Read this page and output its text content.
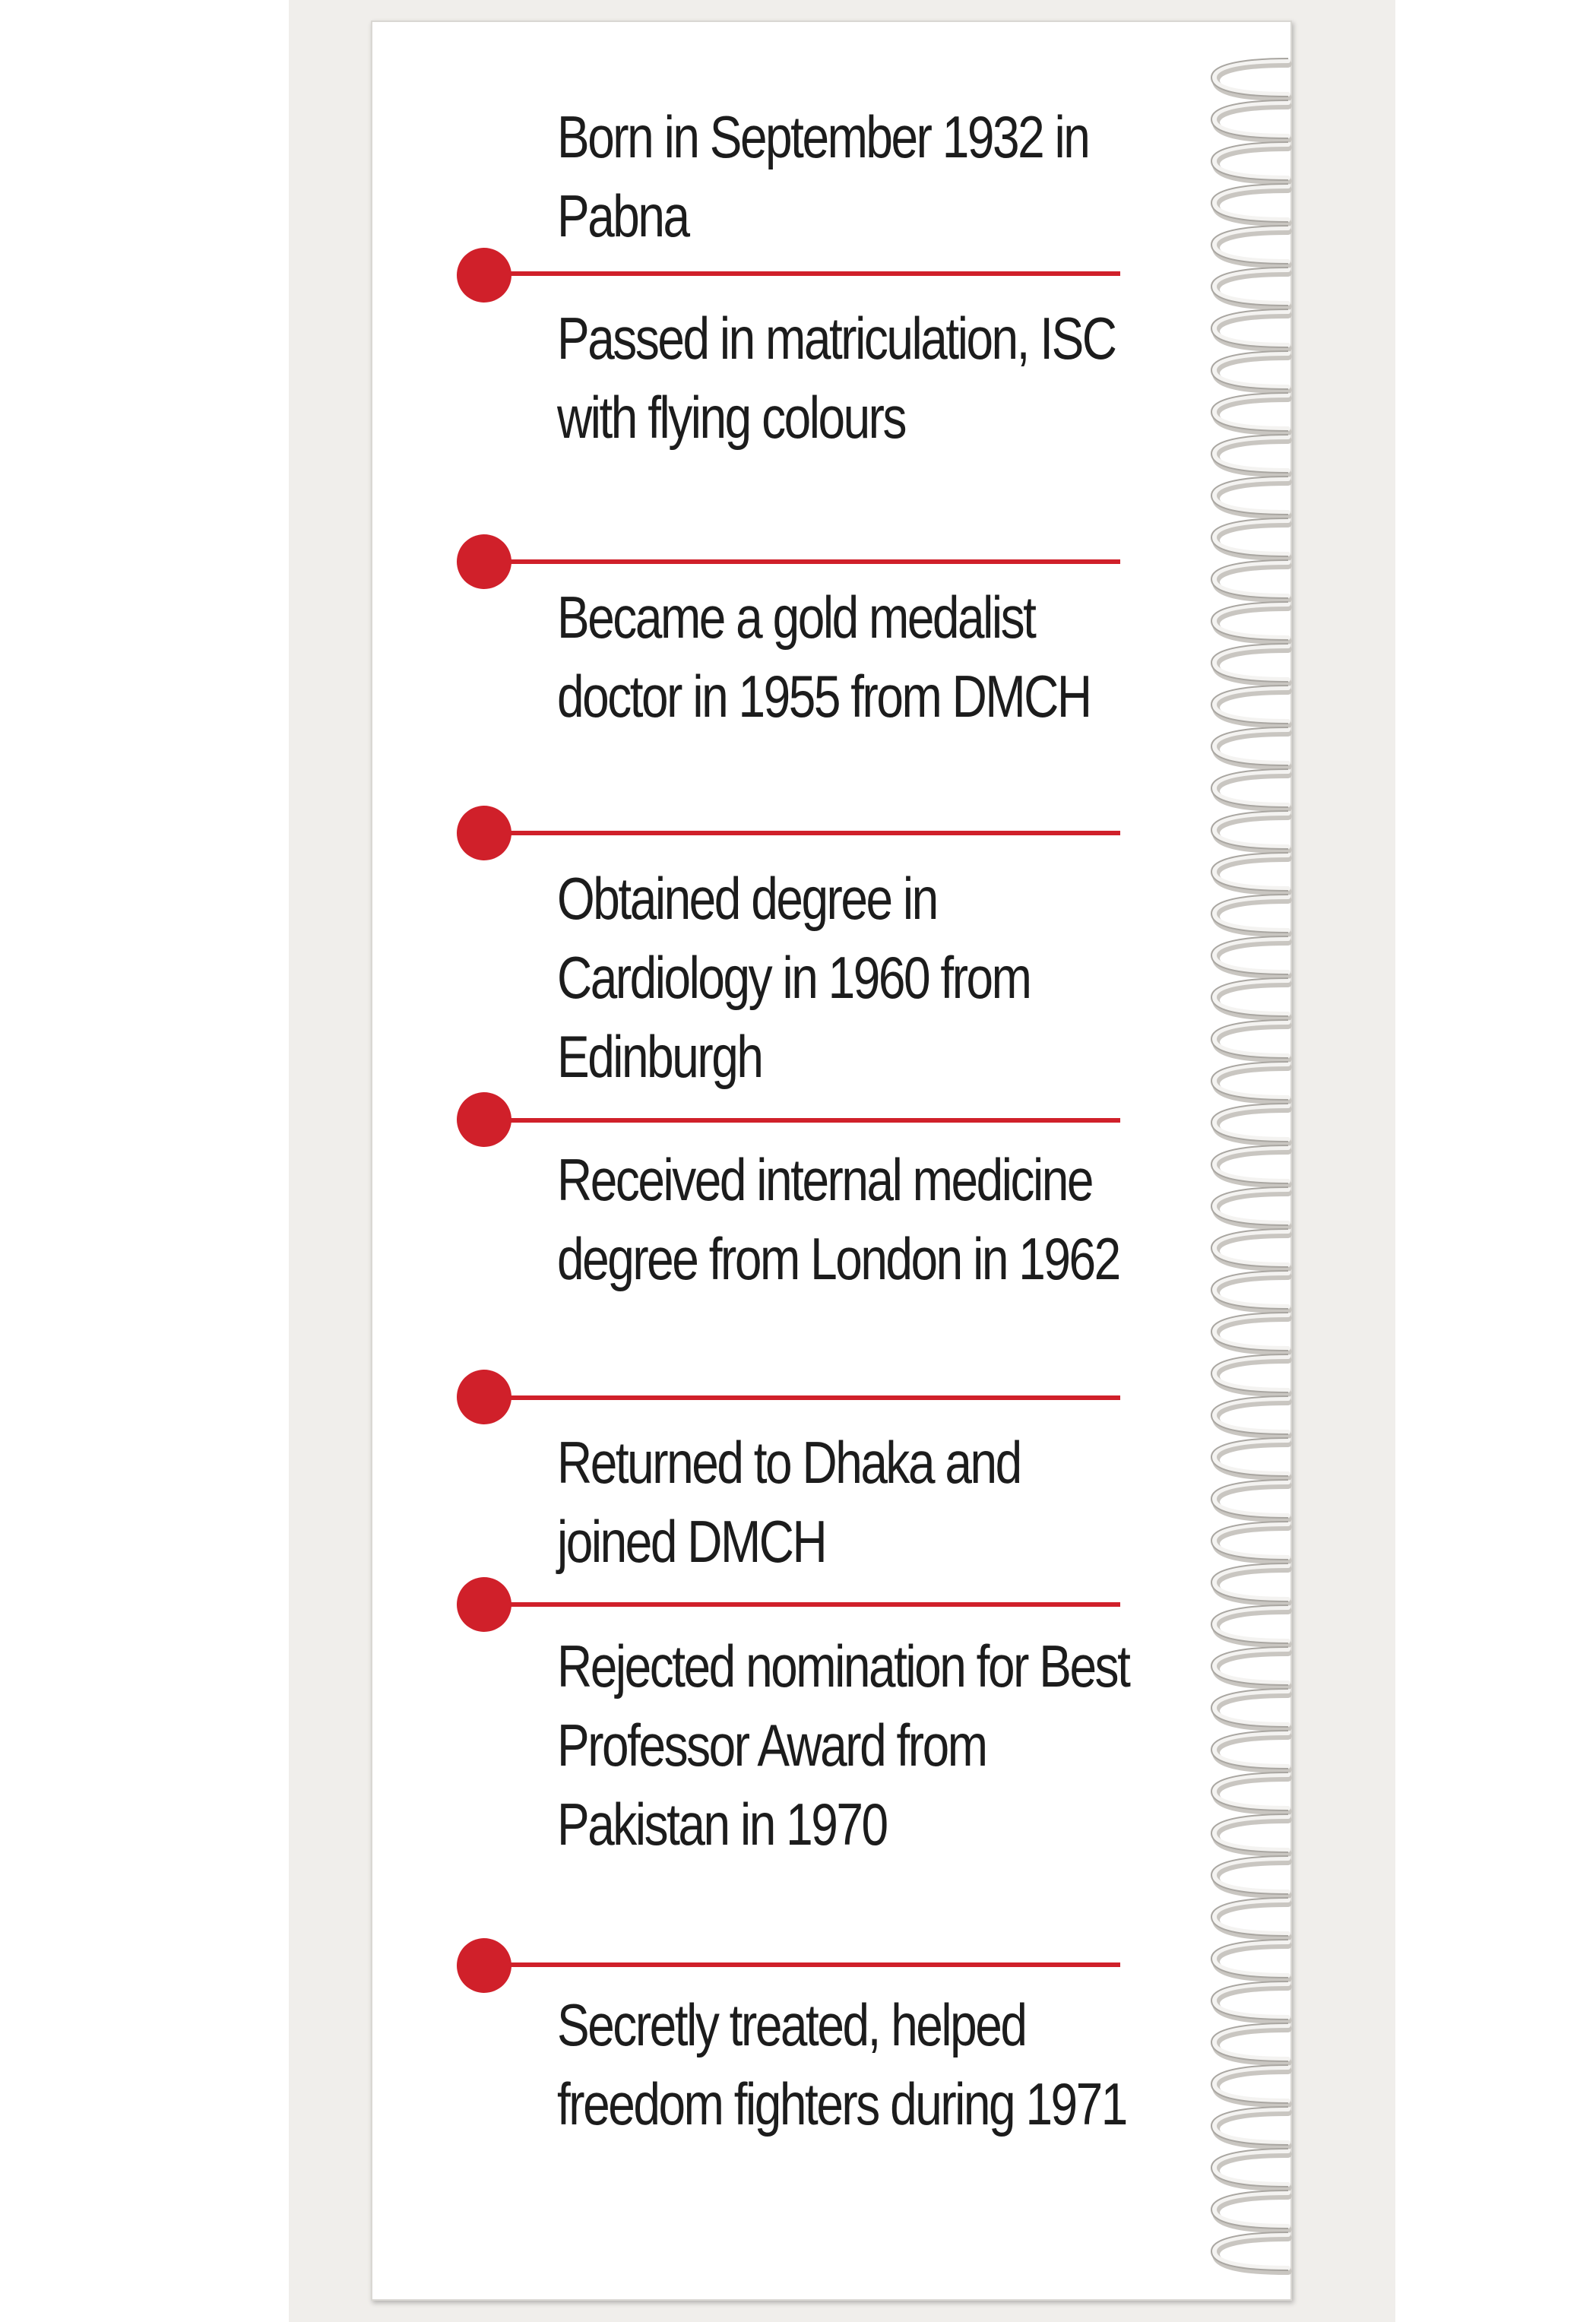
Born in September 1932 in Pabna

Passed in matriculation, ISC with flying colours

Became a gold medalist doctor in 1955 from DMCH

Obtained degree in Cardiology in 1960 from Edinburgh

Received internal medicine degree from London in 1962

Returned to Dhaka and joined DMCH

Rejected nomination for Best Professor Award from Pakistan in 1970

Secretly treated, helped freedom fighters during 1971
